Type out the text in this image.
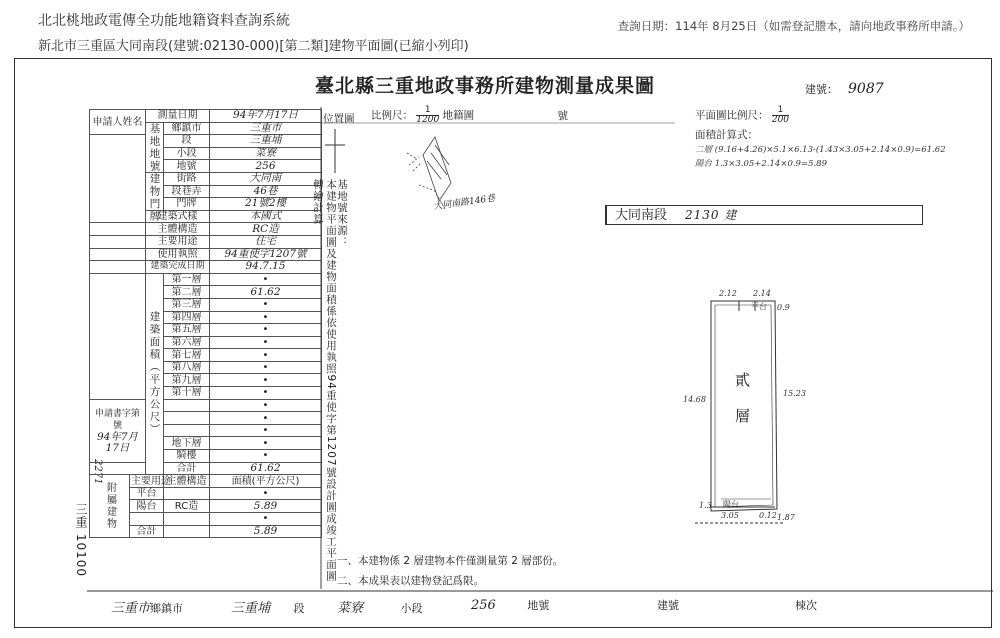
北北桃地政電傳全功能地籍資料查詢系統
新北市三重區大同南段(建號:02130-000)[第二類]建物平面圖(已縮小列印)
查詢日期：114年 8月25日（如需登記謄本，請向地政事務所申請。）
臺北縣三重地政事務所建物測量成果圖	建號： 9087
三重 10100
2271
申請人姓名		測量日期		94年7月17日
		基地地號	鄉鎮市	三重市
			段	三重埔
			小段	菜寮
			地號	256
		建物門牌	街路	大同南
			段巷弄	46巷
			門牌	21號2樓
		建築式樣		本國式
		主體構造		RC造
		主要用途		住宅
		使用執照		94重使字1207號
		建築完成日期		94.7.15
		建築面積（平方公尺）	第一層	•
			第二層	61.62
			第三層	•
			第四層	•
			第五層	•
			第六層	•
			第七層	•
			第八層	•
			第九層	•
			第十層	•
申請書字第號
94年7月17日				•
				•
				•
			地下層	•
			騎樓	•
			合計	61.62
附屬建物	主要用途		主體構造	面積(平方公尺)
	平台			•
	陽台		RC造	5.89
				•
	合計			5.89
位置圖 比例尺： $\frac{1}{1200}$ 地籍圖	號
大同南路146巷
本建物平面圖及建物面積係依使用執照94重使字第1207號設計圖成竣工平面圖轉繪計算	基地號來源：
平面圖比例尺： $\frac{1}{200}$
面積計算式：
二層 (9.16+4.26)×5.1×6.13-(1.43×3.05+2.14×0.9)=61.62
陽台 1.3×3.05+2.14×0.9=5.89
大同南段 2130 建
2.12 2.14
平台 0.9
14.68
15.23
貳
層
1.3 陽台
3.05	0.12 1.87
一、本建物係 2 層建物本件僅測量第 2 層部份。
二、本成果表以建物登記爲限。
三重市鄉鎮市	三重埔 段 菜寮	小段	256	地號	建號	棟次
